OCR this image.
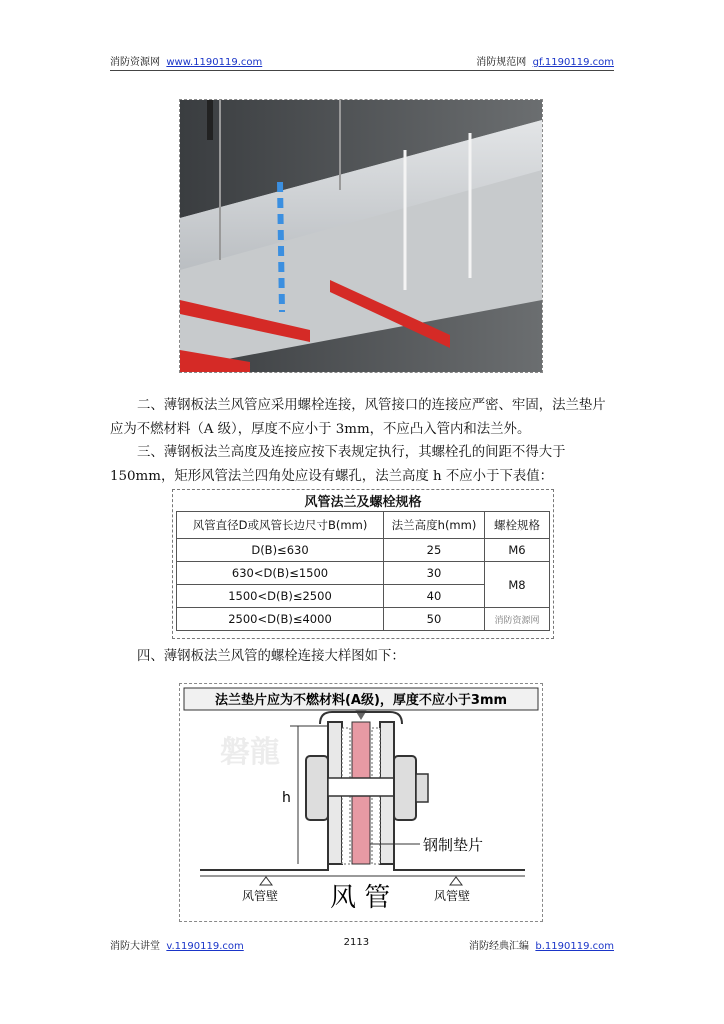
消防资源网 www.1190119.com	消防规范网 gf.1190119.com
二、薄钢板法兰风管应采用螺栓连接，风管接口的连接应严密、牢固，法兰垫片应为不燃材料（A 级），厚度不应小于 3mm，不应凸入管内和法兰外。
三、薄钢板法兰高度及连接应按下表规定执行，其螺栓孔的间距不得大于150mm，矩形风管法兰四角处应设有螺孔，法兰高度 h 不应小于下表值：
风管法兰及螺栓规格
风管直径D或风管长边尺寸B(mm)	法兰高度h(mm)	螺栓规格
D(B)≤630	25	M6
630<D(B)≤1500	30	M8
1500<D(B)≤2500	40	
2500<D(B)≤4000	50	消防资源网
四、薄钢板法兰风管的螺栓连接大样图如下：
法兰垫片应为不燃材料(A级)，厚度不应小于3mm
磐龍
h
钢制垫片
风管壁	风管壁
风 管
消防大讲堂 v.1190119.com	2113	消防经典汇编 b.1190119.com
